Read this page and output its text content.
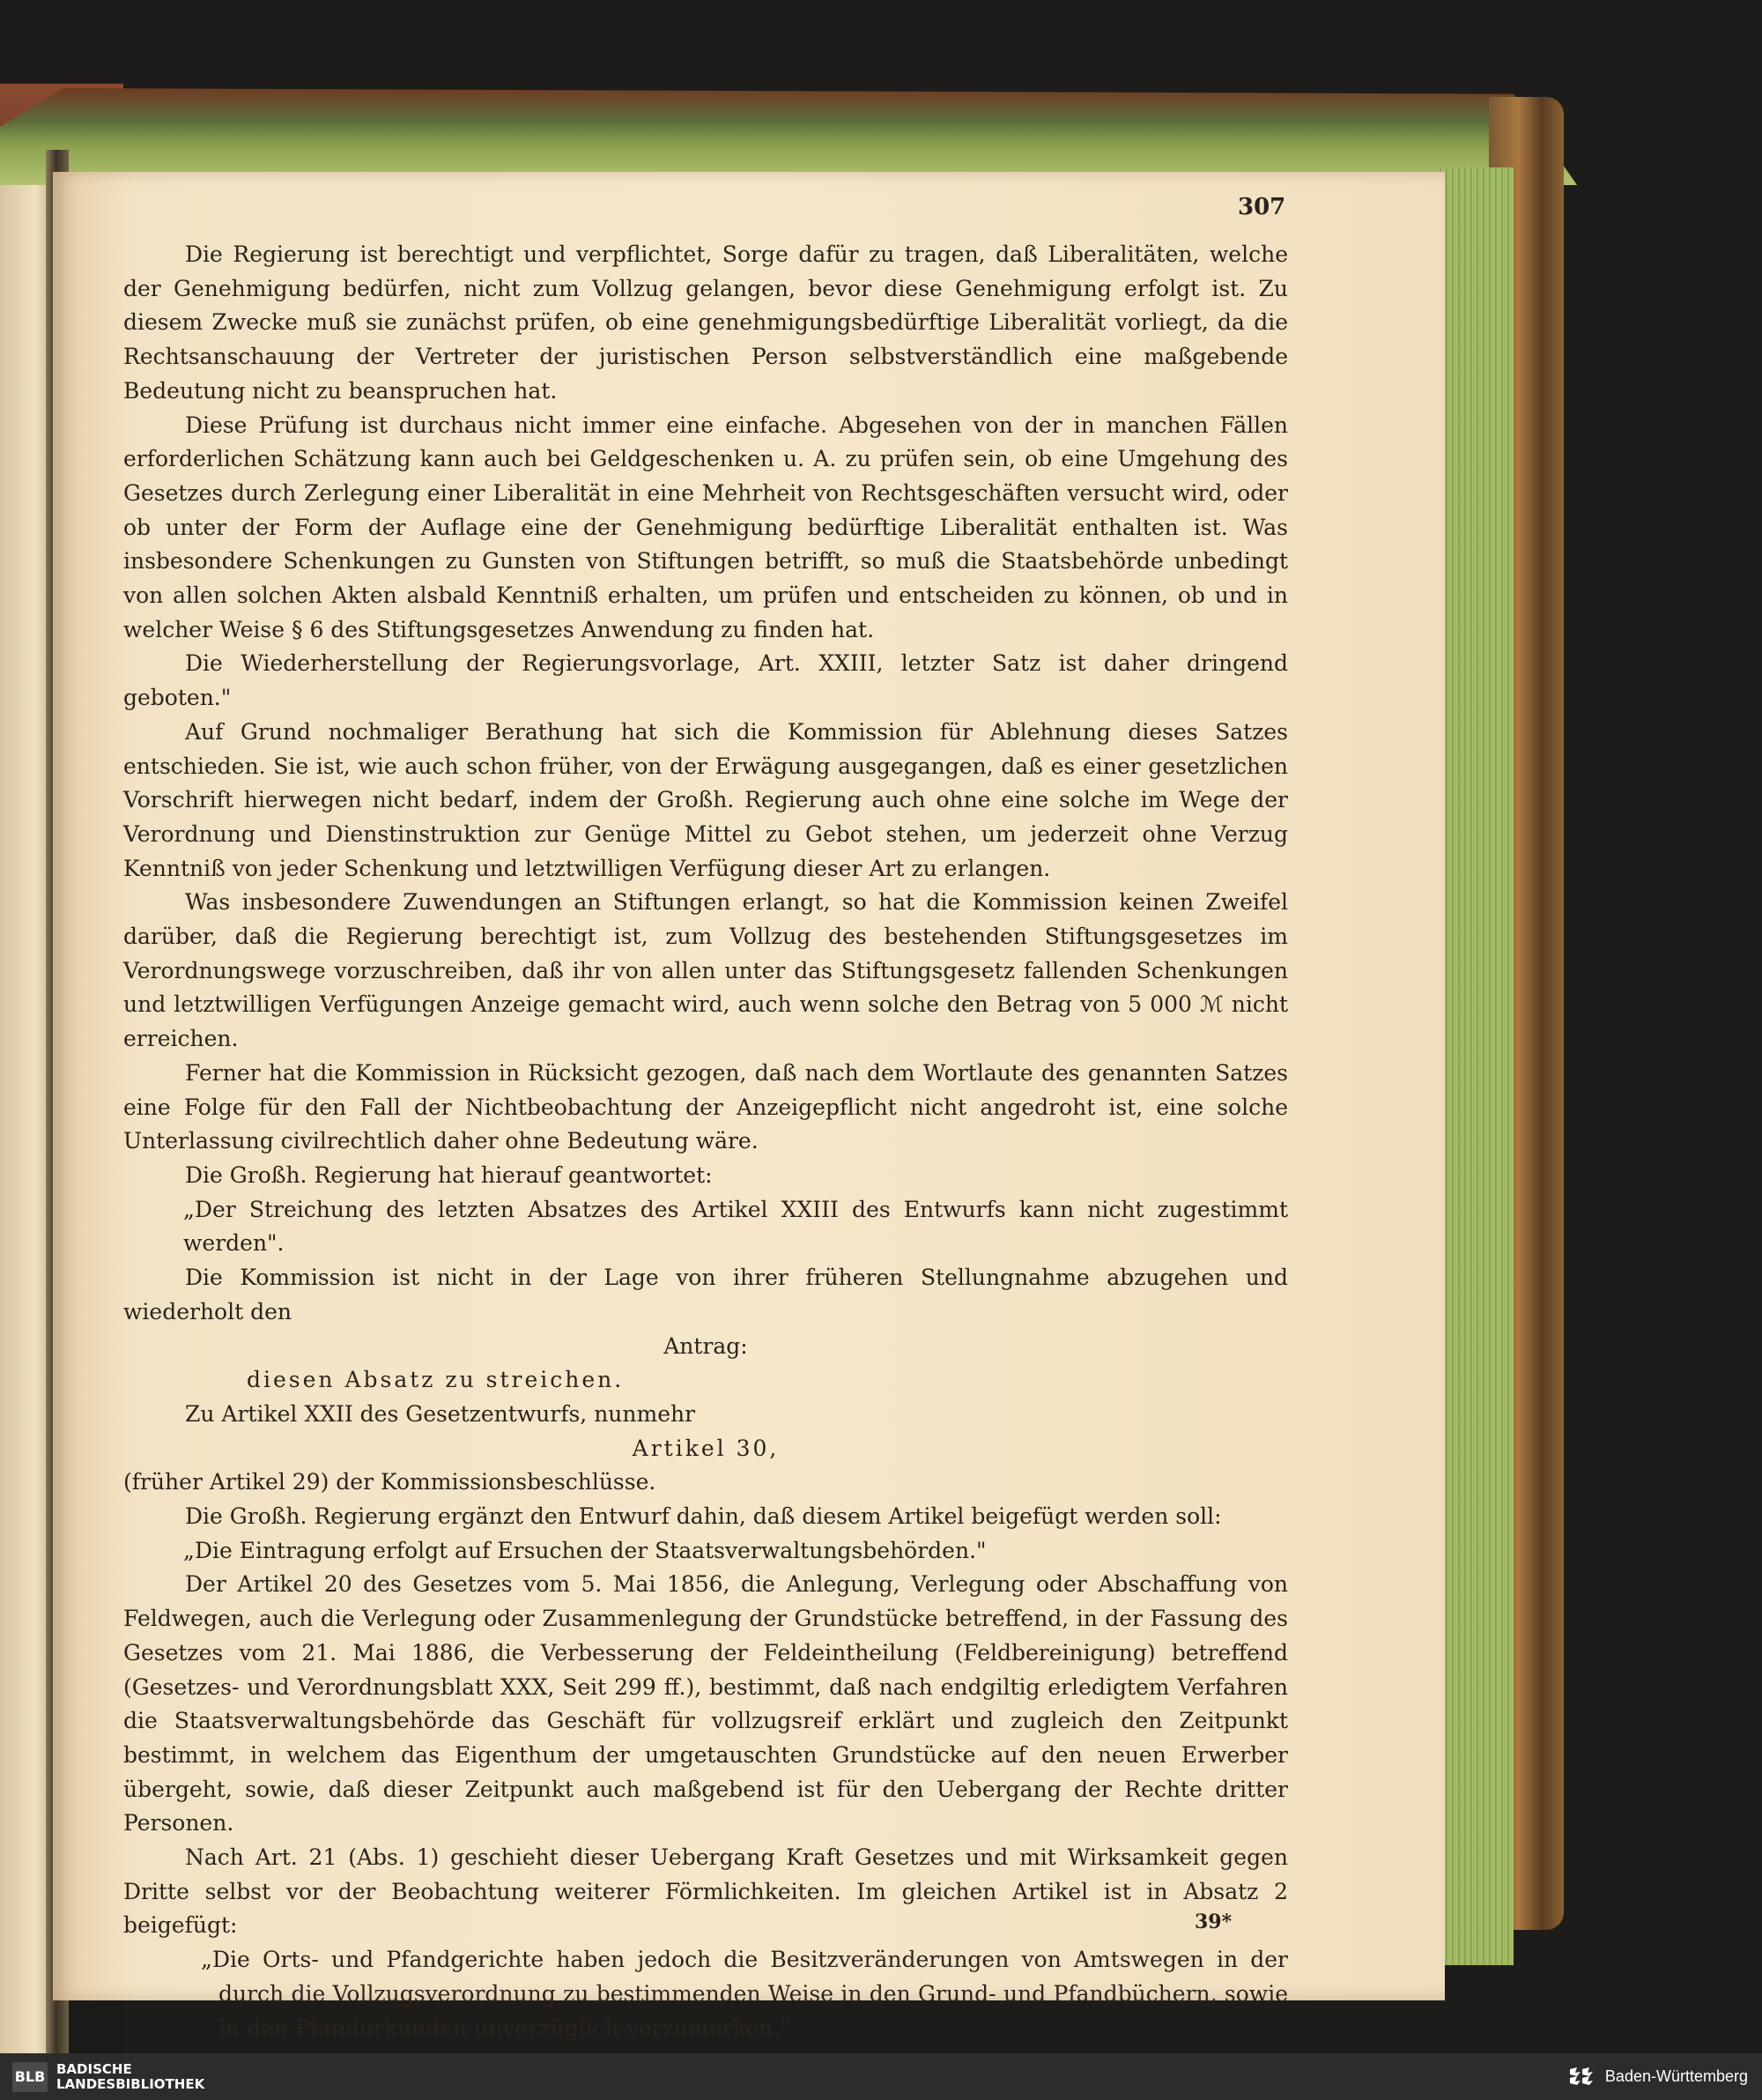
307

Die Regierung ist berechtigt und verpflichtet, Sorge dafür zu tragen, daß Liberalitäten, welche der Genehmigung bedürfen, nicht zum Vollzug gelangen, bevor diese Genehmigung erfolgt ist. Zu diesem Zwecke muß sie zunächst prüfen, ob eine genehmigungsbedürftige Liberalität vorliegt, da die Rechtsanschauung der Vertreter der juristischen Person selbstverständlich eine maßgebende Bedeutung nicht zu beanspruchen hat.

Diese Prüfung ist durchaus nicht immer eine einfache. Abgesehen von der in manchen Fällen erforderlichen Schätzung kann auch bei Geldgeschenken u. A. zu prüfen sein, ob eine Umgehung des Gesetzes durch Zerlegung einer Liberalität in eine Mehrheit von Rechtsgeschäften versucht wird, oder ob unter der Form der Auflage eine der Genehmigung bedürftige Liberalität enthalten ist. Was insbesondere Schenkungen zu Gunsten von Stiftungen betrifft, so muß die Staatsbehörde unbedingt von allen solchen Akten alsbald Kenntniß erhalten, um prüfen und entscheiden zu können, ob und in welcher Weise § 6 des Stiftungsgesetzes Anwendung zu finden hat.

Die Wiederherstellung der Regierungsvorlage, Art. XXIII, letzter Satz ist daher dringend geboten."

Auf Grund nochmaliger Berathung hat sich die Kommission für Ablehnung dieses Satzes entschieden. Sie ist, wie auch schon früher, von der Erwägung ausgegangen, daß es einer gesetzlichen Vorschrift hierwegen nicht bedarf, indem der Großh. Regierung auch ohne eine solche im Wege der Verordnung und Dienstinstruktion zur Genüge Mittel zu Gebot stehen, um jederzeit ohne Verzug Kenntniß von jeder Schenkung und letztwilligen Verfügung dieser Art zu erlangen.

Was insbesondere Zuwendungen an Stiftungen erlangt, so hat die Kommission keinen Zweifel darüber, daß die Regierung berechtigt ist, zum Vollzug des bestehenden Stiftungsgesetzes im Verordnungswege vorzuschreiben, daß ihr von allen unter das Stiftungsgesetz fallenden Schenkungen und letztwilligen Verfügungen Anzeige gemacht wird, auch wenn solche den Betrag von 5 000 ℳ nicht erreichen.

Ferner hat die Kommission in Rücksicht gezogen, daß nach dem Wortlaute des genannten Satzes eine Folge für den Fall der Nichtbeobachtung der Anzeigepflicht nicht angedroht ist, eine solche Unterlassung civilrechtlich daher ohne Bedeutung wäre.

Die Großh. Regierung hat hierauf geantwortet:

„Der Streichung des letzten Absatzes des Artikel XXIII des Entwurfs kann nicht zugestimmt werden".

Die Kommission ist nicht in der Lage von ihrer früheren Stellungnahme abzugehen und wiederholt den

Antrag:

diesen Absatz zu streichen.

Zu Artikel XXII des Gesetzentwurfs, nunmehr

Artikel 30,

(früher Artikel 29) der Kommissionsbeschlüsse.

Die Großh. Regierung ergänzt den Entwurf dahin, daß diesem Artikel beigefügt werden soll:

„Die Eintragung erfolgt auf Ersuchen der Staatsverwaltungsbehörden."

Der Artikel 20 des Gesetzes vom 5. Mai 1856, die Anlegung, Verlegung oder Abschaffung von Feldwegen, auch die Verlegung oder Zusammenlegung der Grundstücke betreffend, in der Fassung des Gesetzes vom 21. Mai 1886, die Verbesserung der Feldeintheilung (Feldbereinigung) betreffend (Gesetzes- und Verordnungsblatt XXX, Seit 299 ff.), bestimmt, daß nach endgiltig erledigtem Verfahren die Staatsverwaltungsbehörde das Geschäft für vollzugsreif erklärt und zugleich den Zeitpunkt bestimmt, in welchem das Eigenthum der umgetauschten Grundstücke auf den neuen Erwerber übergeht, sowie, daß dieser Zeitpunkt auch maßgebend ist für den Uebergang der Rechte dritter Personen.

Nach Art. 21 (Abs. 1) geschieht dieser Uebergang Kraft Gesetzes und mit Wirksamkeit gegen Dritte selbst vor der Beobachtung weiterer Förmlichkeiten. Im gleichen Artikel ist in Absatz 2 beigefügt:

„Die Orts- und Pfandgerichte haben jedoch die Besitzveränderungen von Amtswegen in der durch die Vollzugsverordnung zu bestimmenden Weise in den Grund- und Pfandbüchern, sowie in den Pfandurkunden unverzüglich vorzumerken."

39*
BLB BADISCHE
LANDESBIBLIOTHEK	Baden-Württemberg
